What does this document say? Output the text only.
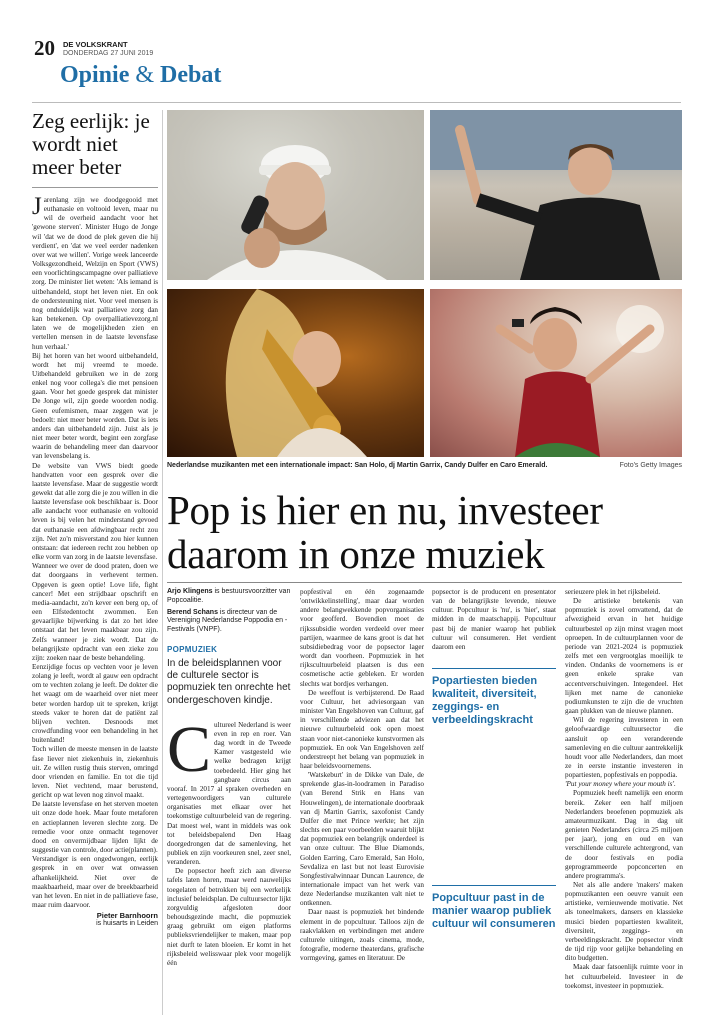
20 DE VOLKSKRANT
DONDERDAG 27 JUNI 2019
Opinie & Debat
Zeg eerlijk: je wordt niet meer beter

Jarenlang zijn we doodgegooid met euthanasie en voltooid leven, maar nu wil de overheid aandacht voor het 'gewone sterven'. Minister Hugo de Jonge wil 'dat we de dood de plek geven die hij verdient', en 'dat we veel eerder nadenken over wat we willen'. Vorige week lanceerde Volksgezondheid, Welzijn en Sport (VWS) een voorlichtingscampagne over palliatieve zorg. De minister liet weten: 'Als iemand is uitbehandeld, stopt het leven niet. En ook de ondersteuning niet. Voor veel mensen is nog onduidelijk wat palliatieve zorg dan kan betekenen. Op overpalliatievezorg.nl laten we de mogelijkheden zien en vertellen mensen in de laatste levensfase hun verhaal.'

Bij het horen van het woord uitbehandeld, wordt het mij vreemd te moede. Uitbehandeld gebruiken we in de zorg enkel nog voor collega's die met pensioen gaan. Voor het goede gesprek dat minister De Jonge wil, zijn goede woorden nodig. Geen eufemismen, maar zeggen wat je bedoelt: niet meer beter worden. Dat is iets anders dan uitbehandeld zijn. Juist als je niet meer beter wordt, begint een zorgfase waarin de behandeling meer dan daarvoor van levensbelang is.

De website van VWS biedt goede handvatten voor een gesprek over die laatste levensfase. Maar de suggestie wordt gewekt dat alle zorg die je zou willen in die laatste levensfase ook beschikbaar is. Door alle aandacht voor euthanasie en voltooid leven is bij velen het minderstand gevoed dat euthanasie een afdwingbaar recht zou zijn. Net zo'n misverstand zou hier kunnen ontstaan: dat iedereen recht zou hebben op elke vorm van zorg in de laatste levensfase.

Wanneer we over de dood praten, doen we dat doorgaans in verhevent termen. Opgeven is geen optie! Love life, fight cancer! Met een strijdbaar opschrift en media-aandacht, zo'n kever een berg op, of een Elfstedentocht zwommen. Een gevaarlijke bijwerking is dat zo het idee ontstaat dat het leven maakbaar zou zijn. Zelfs wanneer je ziek wordt. Dat de belangrijkste opdracht van een zieke zou zijn: zoeken naar de beste behandeling.

Eenzijdige focus op vechten voor je leven zolang je leeft, wordt al gauw een opdracht om te vechten zolang je leeft. De dokter die het waagt om de waarheid over niet meer beter worden hardop uit te spreken, krijgt steeds vaker te horen dat de patiënt zal blijven vechten. Desnoods met crowdfunding voor een behandeling in het buitenland!

Toch willen de meeste mensen in de laatste fase liever niet ziekenhuis in, ziekenhuis uit. Ze willen rustig thuis sterven, omringd door vrienden en familie. En tot die tijd leven. Niet vechtend, maar berustend, gericht op wat leven nog zinvol maakt.

De laatste levensfase en het sterven moeten uit onze dode hoek. Maar foute metaforen en actieplannen leveren slechte zorg. De remedie voor onze onmacht tegenover dood en onvermijdbaar lijden lijkt de suggestie van controle, door actie(plannen).

Verstandiger is een ongedwongen, eerlijk gesprek in en over wat onwassen afhankelijkheid. Niet over de maakbaarheid, maar over de breekbaarheid van het leven. En niet in de palliatieve fase, maar ruim daarvoor.

Pieter Barnhoorn
is huisarts in Leiden
Nederlandse muzikanten met een internationale impact: San Holo, dj Martin Garrix, Candy Dulfer en Caro Emerald.	Foto's Getty Images
Pop is hier en nu, investeer daarom in onze muziek
Arjo Klingens is bestuursvoorzitter van Popcoalitie.
Berend Schans is directeur van de Vereniging Nederlandse Poppodia en -Festivals (VNPF).
POPMUZIEK
In de beleidsplannen voor de culturele sector is popmuziek ten onrechte het ondergeschoven kindje.

Cultureel Nederland is weer even in rep en roer. Van dag wordt in de Tweede Kamer vastgesteld wie welke bedragen krijgt toebedeeld. Hier ging het gangbare circus aan vooraf. In 2017 al spraken overheden en vertegenwoordigers van culturele organisaties met elkaar over het toekomstige cultuurbeleid van de regering. Dat moest wel, want in middels was ook tot beleidsbepalend Den Haag doorgedrongen dat de samenleving, het publiek en zijn voorkeuren snel, zeer snel, veranderen.

De popsector heeft zich aan diverse tafels laten horen, maar werd nauwelijks toegelaten of betrokken bij een werkelijk inclusief beleidsplan. De cultuursector lijkt zorgvuldig afgesloten door behoudsgezinde macht, die popmuziek graag gebruikt om eigen platforms publieksvriendelijker te maken, maar pop niet durft te laten bloeien. Er komt in het rijksbeleid welisswaar plek voor mogelijk één

popfestival en één zogenaamde 'ontwikkelinstelling', maar daar worden andere belangwekkende popvorganisaties voor geofferd. Bovendien moet de rijkssubsidie worden verdeeld over meer partijen, waarmee de kans groot is dat het subsidiebedrag voor de popsector lager wordt dan voorheen. Popmuziek in het rijkscultuurbeleid plaatsen is dus een cosmetische actie gebleken. Er worden slechts wat bordjes verhangen.

De weeffout is verbijsterend. De Raad voor Cultuur, het adviesorgaan van minister Van Engelshoven van Cultuur, gaf in verschillende adviezen aan dat het nieuwe cultuurbeleid ook open moest staan voor niet-canonieke kunstvormen als popmuziek. En ook Van Engelshoven zelf onderstreept het belang van popmuziek in haar beleidsvoornemens.

'Watskeburt' in de Dikke van Dale, de sprekende glas-in-loodramen in Paradiso (van Berend Strik en Hans van Houwelingen), de internationale doorbraak van dj Martin Garrix, saxofonist Candy Dulfer die met Prince werkte; het zijn slechts een paar voorbeelden waaruit blijkt dat popmuziek een belangrijk onderdeel is van onze cultuur. The Blue Diamonds, Golden Earring, Caro Emerald, San Holo, Sevdaliza en last but not least Eurovisie Songfestivalwinnaar Duncan Laurence, de internationale impact van het werk van deze Nederlandse muzikanten valt niet te ontkennen.

Daar naast is popmuziek het bindende element in de popcultuur. Talloos zijn de raakvlakken en verbindingen met andere culturele uitingen, zoals cinema, mode, fotografie, moderne theaterdans, grafische vormgeving, games en literatuur. De

popsector is de producent en presentator van de belangrijkste levende, nieuwe cultuur. Popcultuur is 'nu', is 'hier', staat midden in de maatschappij. Popcultuur past bij de manier waarop het publiek cultuur wil consumeren. Het verdient daarom een

Popartiesten bieden kwaliteit, diversiteit, zeggings- en verbeeldingskracht
Popcultuur past in de manier waarop publiek cultuur wil consumeren

serieuzere plek in het rijksbeleid.

De artistieke betekenis van popmuziek is zovel omvattend, dat de afwezigheid ervan in het huidige cultuurbestel op zijn minst vragen moet oproepen. In de cultuurplannen voor de periode van 2021-2024 is popmuziek zelfs met een vergrootglas moeilijk te vinden. Ondanks de voornemens is er geen enkele sprake van accentverschuivingen. Integendeel. Het lijken met name de canonieke podiumkunsten te zijn die de vruchten gaan plukken van de nieuwe plannen.

Wil de regering investeren in een geloofwaardige cultuursector die aansluit op een veranderende samenleving en die cultuur aantrekkelijk houdt voor alle Nederlanders, dan moet ze in eerste instantie investeren in popartiesten, popfestivals en poppodia.

'Put your money where your mouth is'.

Popmuziek heeft namelijk een enorm bereik. Zeker een half miljoen Nederlanders beoefenen popmuziek als amateurmuzikant. Dag in dag uit genieten Nederlanders (circa 25 miljoen per jaar), jong en oud en van verschillende culturele achtergrond, van de door festivals en podia geprogrammeerde popconcerten en andere programma's.

Net als alle andere 'makers' maken popmuzikanten een oeuvre vanuit een artistieke, vernieuwende motivatie. Net als toneelmakers, dansers en klassieke musici bieden popartiesten kwaliteit, diversiteit, zeggings- en verbeeldingskracht. De popsector vindt de tijd rijp voor gelijke behandeling en dito budgetten.

Maak daar fatsoenlijk ruimte voor in het cultuurbeleid. Investeer in de toekomst, investeer in popmuziek.
